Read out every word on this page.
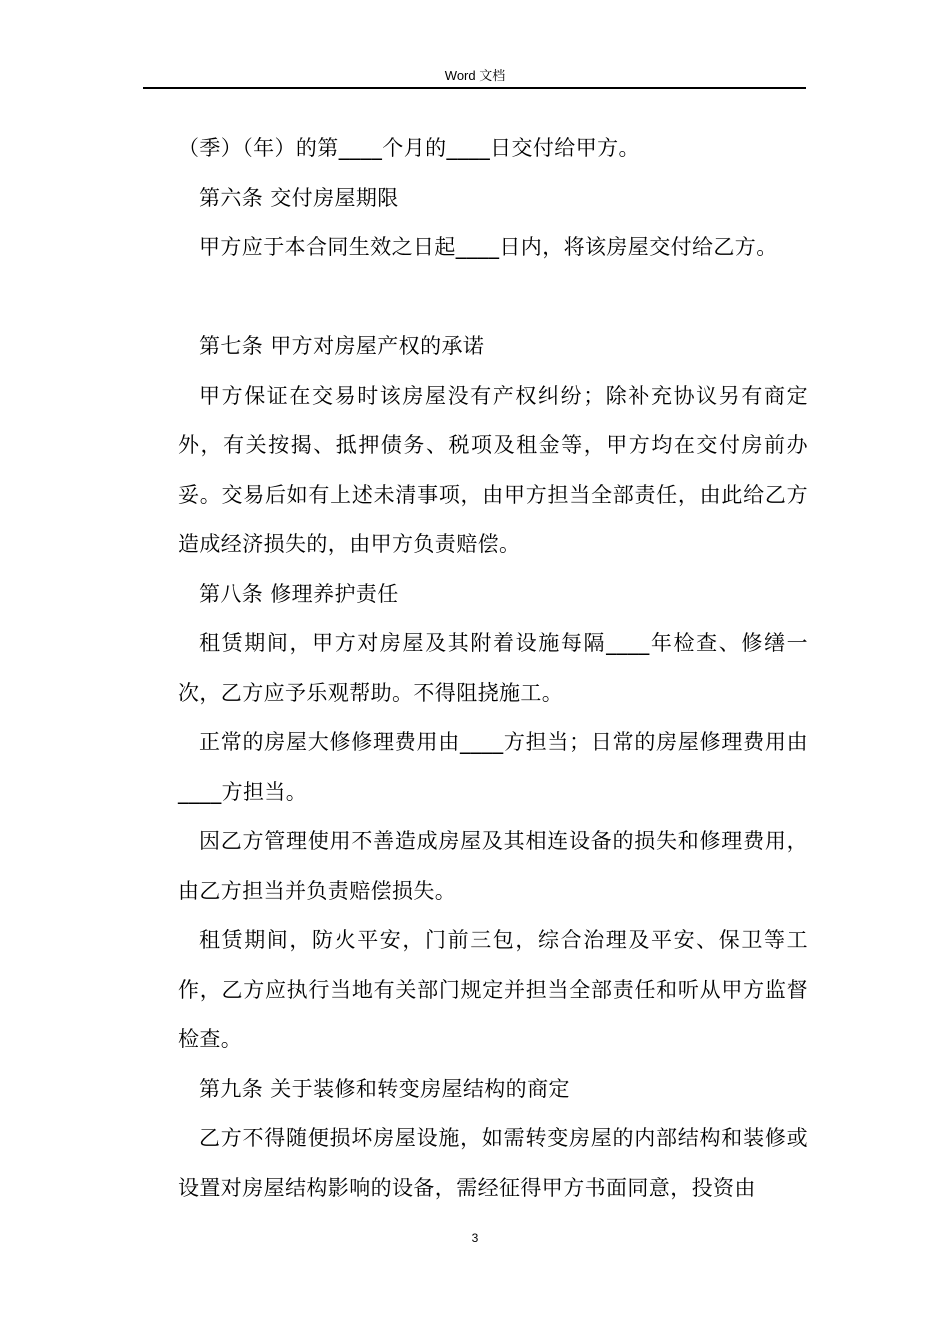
Word 文档

（季）（年）的第____个月的____日交付给甲方。

第六条 交付房屋期限

甲方应于本合同生效之日起____日内，将该房屋交付给乙方。

第七条 甲方对房屋产权的承诺

甲方保证在交易时该房屋没有产权纠纷；除补充协议另有商定外，有关按揭、抵押债务、税项及租金等，甲方均在交付房前办妥。交易后如有上述未清事项，由甲方担当全部责任，由此给乙方造成经济损失的，由甲方负责赔偿。

第八条 修理养护责任

租赁期间，甲方对房屋及其附着设施每隔____年检查、修缮一次，乙方应予乐观帮助。不得阻挠施工。

正常的房屋大修修理费用由____方担当；日常的房屋修理费用由____方担当。

因乙方管理使用不善造成房屋及其相连设备的损失和修理费用，由乙方担当并负责赔偿损失。

租赁期间，防火平安，门前三包，综合治理及平安、保卫等工作，乙方应执行当地有关部门规定并担当全部责任和听从甲方监督检查。

第九条 关于装修和转变房屋结构的商定

乙方不得随便损坏房屋设施，如需转变房屋的内部结构和装修或设置对房屋结构影响的设备，需经征得甲方书面同意，投资由

3
